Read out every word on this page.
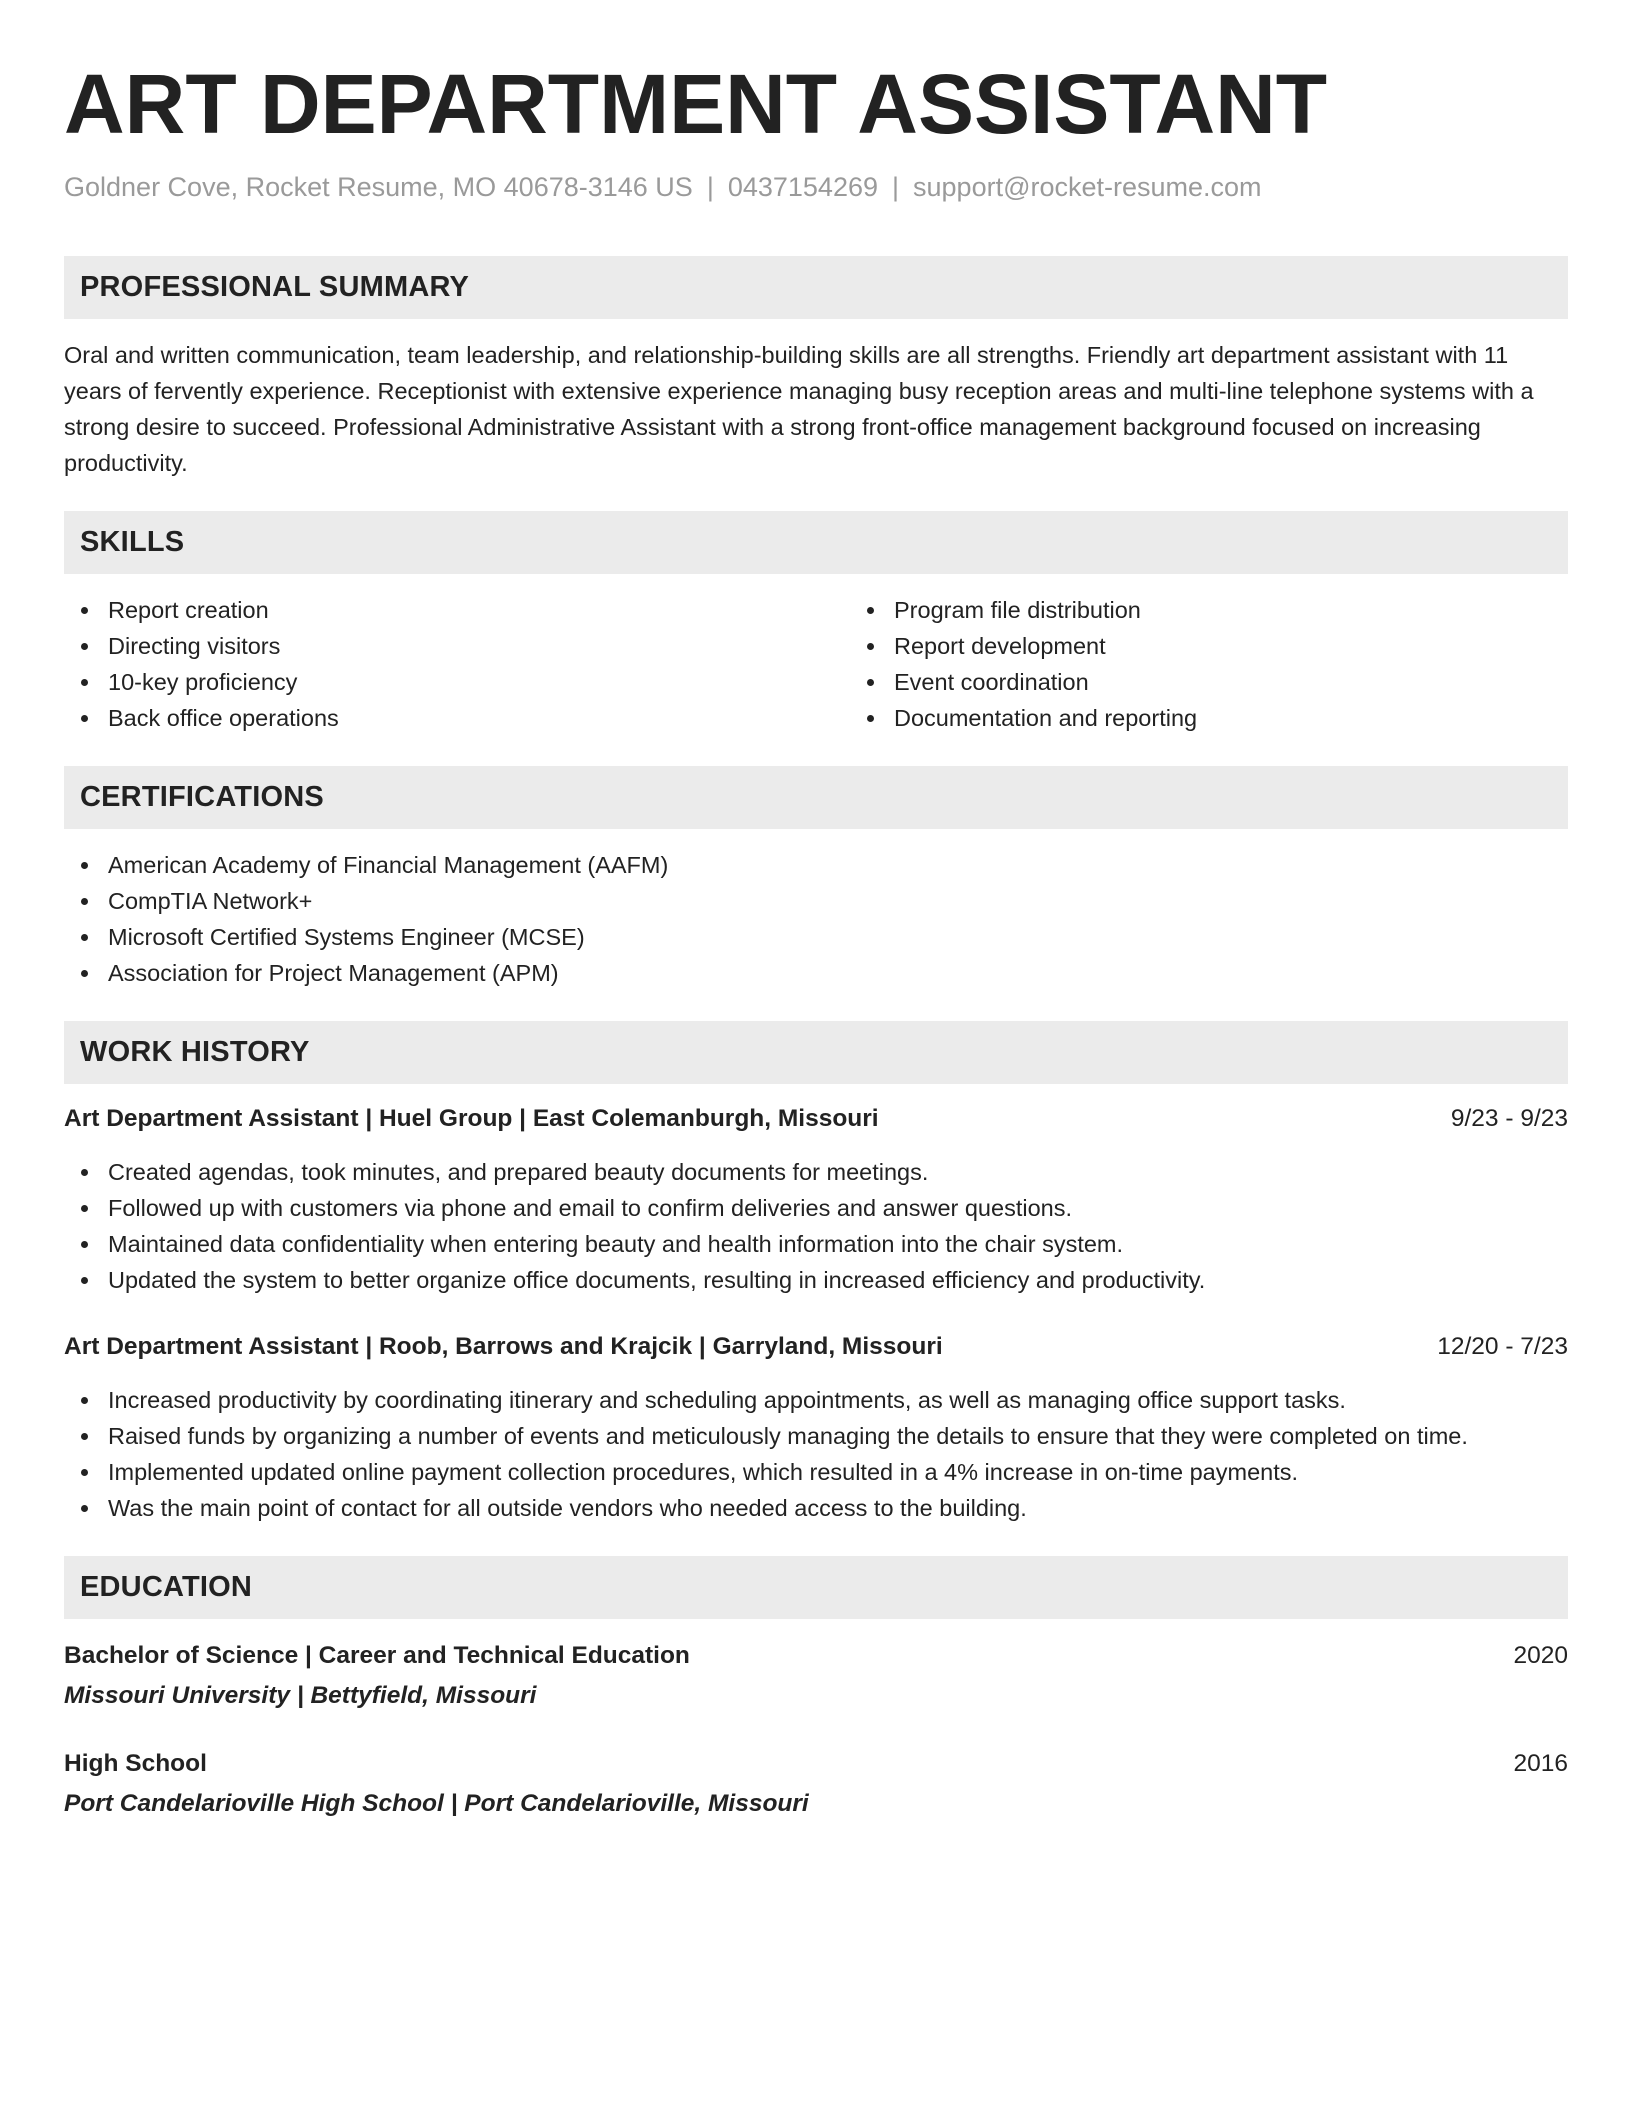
ART DEPARTMENT ASSISTANT
Goldner Cove, Rocket Resume, MO 40678-3146 US | 0437154269 | support@rocket-resume.com
PROFESSIONAL SUMMARY

Oral and written communication, team leadership, and relationship-building skills are all strengths. Friendly art department assistant with 11 years of fervently experience. Receptionist with extensive experience managing busy reception areas and multi-line telephone systems with a strong desire to succeed. Professional Administrative Assistant with a strong front-office management background focused on increasing productivity.

SKILLS
Report creation
Directing visitors
10-key proficiency
Back office operations
Program file distribution
Report development
Event coordination
Documentation and reporting
CERTIFICATIONS
American Academy of Financial Management (AAFM)
CompTIA Network+
Microsoft Certified Systems Engineer (MCSE)
Association for Project Management (APM)
WORK HISTORY
Art Department Assistant | Huel Group | East Colemanburgh, Missouri	9/23 - 9/23
Created agendas, took minutes, and prepared beauty documents for meetings.
Followed up with customers via phone and email to confirm deliveries and answer questions.
Maintained data confidentiality when entering beauty and health information into the chair system.
Updated the system to better organize office documents, resulting in increased efficiency and productivity.
Art Department Assistant | Roob, Barrows and Krajcik | Garryland, Missouri	12/20 - 7/23
Increased productivity by coordinating itinerary and scheduling appointments, as well as managing office support tasks.
Raised funds by organizing a number of events and meticulously managing the details to ensure that they were completed on time.
Implemented updated online payment collection procedures, which resulted in a 4% increase in on-time payments.
Was the main point of contact for all outside vendors who needed access to the building.
EDUCATION
Bachelor of Science | Career and Technical Education	2020
Missouri University | Bettyfield, Missouri
High School	2016
Port Candelarioville High School | Port Candelarioville, Missouri
